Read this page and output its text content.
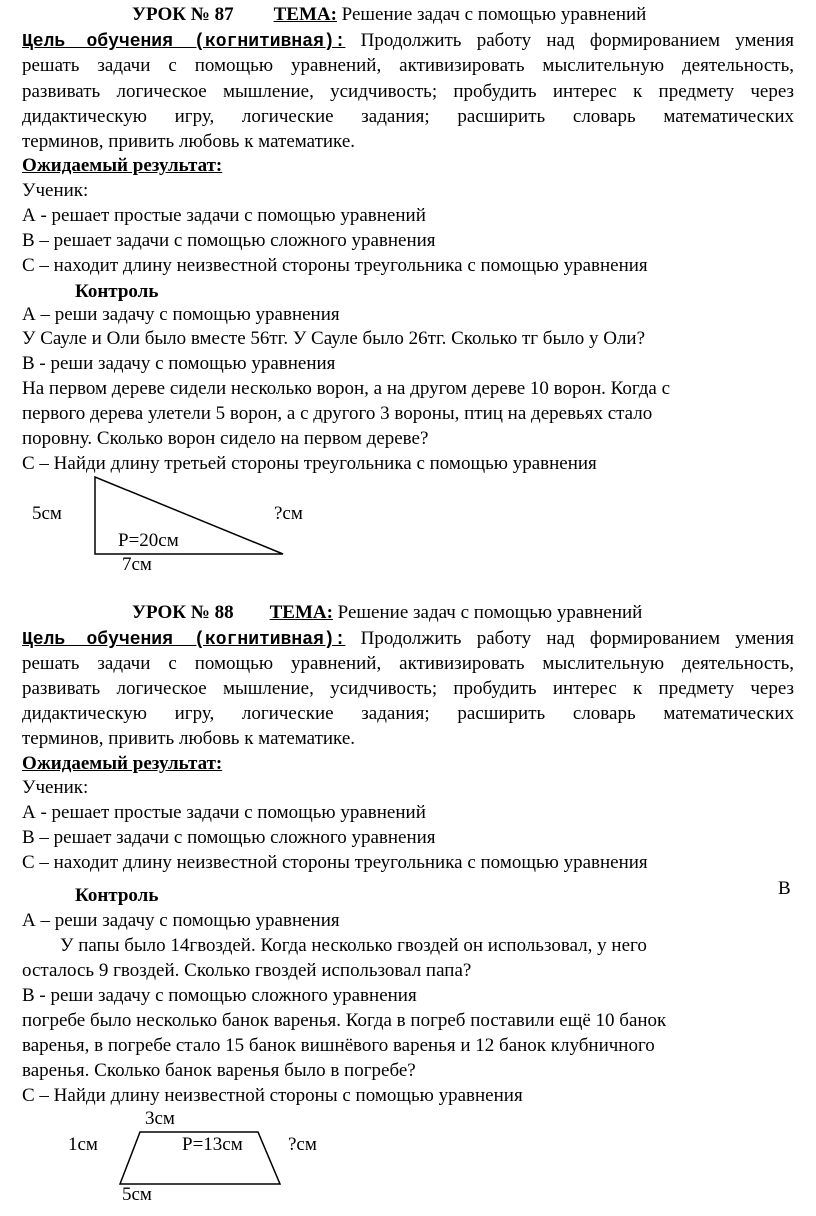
УРОК № 87 ТЕМА: Решение задач с помощью уравнений
Цель обучения (когнитивная): Продолжить работу над формированием умения
решать задачи с помощью уравнений, активизировать мыслительную деятельность,
развивать логическое мышление, усидчивость; пробудить интерес к предмету через
дидактическую игру, логические задания; расширить словарь математических
терминов, привить любовь к математике.
Ожидаемый результат:
Ученик:
А - решает простые задачи с помощью уравнений
В – решает задачи с помощью сложного уравнения
С – находит длину неизвестной стороны треугольника с помощью уравнения
Контроль
А – реши задачу с помощью уравнения
У Сауле и Оли было вместе 56тг. У Сауле было 26тг. Сколько тг было у Оли?
В - реши задачу с помощью уравнения
На первом дереве сидели несколько ворон, а на другом дереве 10 ворон. Когда с
первого дерева улетели 5 ворон, а с другого 3 вороны, птиц на деревьях стало
поровну. Сколько ворон сидело на первом дереве?
С – Найди длину третьей стороны треугольника с помощью уравнения
5см	?см
Р=20см
7см
УРОК № 88 ТЕМА: Решение задач с помощью уравнений
Цель обучения (когнитивная): Продолжить работу над формированием умения
решать задачи с помощью уравнений, активизировать мыслительную деятельность,
развивать логическое мышление, усидчивость; пробудить интерес к предмету через
дидактическую игру, логические задания; расширить словарь математических
терминов, привить любовь к математике.
Ожидаемый результат:
Ученик:
А - решает простые задачи с помощью уравнений
В – решает задачи с помощью сложного уравнения
С – находит длину неизвестной стороны треугольника с помощью уравнения
В
Контроль
А – реши задачу с помощью уравнения
У папы было 14гвоздей. Когда несколько гвоздей он использовал, у него
осталось 9 гвоздей. Сколько гвоздей использовал папа?
В - реши задачу с помощью сложного уравнения
погребе было несколько банок варенья. Когда в погреб поставили ещё 10 банок
варенья, в погребе стало 15 банок вишнёвого варенья и 12 банок клубничного
варенья. Сколько банок варенья было в погребе?
С – Найди длину неизвестной стороны с помощью уравнения
3см
1см	Р=13см ?см
5см
